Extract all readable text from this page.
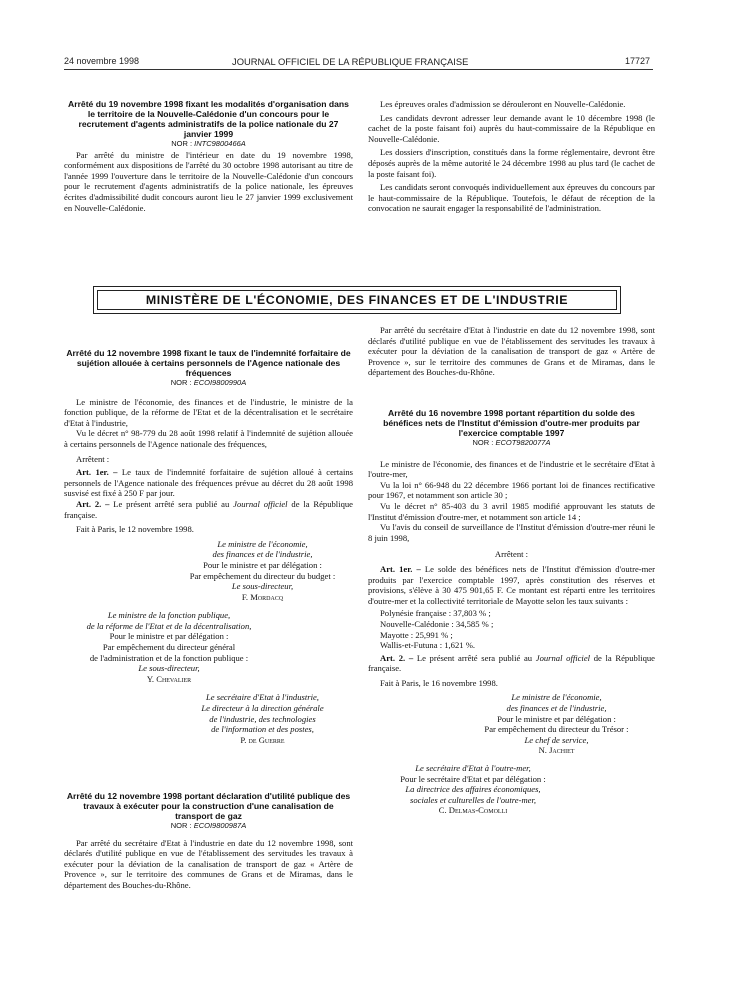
24 novembre 1998	JOURNAL OFFICIEL DE LA RÉPUBLIQUE FRANÇAISE	17727

Arrêté du 19 novembre 1998 fixant les modalités d'organisation dans le territoire de la Nouvelle-Calédonie d'un concours pour le recrutement d'agents administratifs de la police nationale du 27 janvier 1999

NOR : INTC9800466A

Par arrêté du ministre de l'intérieur en date du 19 novembre 1998, conformément aux dispositions de l'arrêté du 30 octobre 1998 autorisant au titre de l'année 1999 l'ouverture dans le territoire de la Nouvelle-Calédonie d'un concours pour le recrutement d'agents administratifs de la police nationale, les épreuves écrites d'admissibilité dudit concours auront lieu le 27 janvier 1999 exclusivement en Nouvelle-Calédonie.

Les épreuves orales d'admission se dérouleront en Nouvelle-Calédonie.

Les candidats devront adresser leur demande avant le 10 décembre 1998 (le cachet de la poste faisant foi) auprès du haut-commissaire de la République en Nouvelle-Calédonie.

Les dossiers d'inscription, constitués dans la forme réglementaire, devront être déposés auprès de la même autorité le 24 décembre 1998 au plus tard (le cachet de la poste faisant foi).

Les candidats seront convoqués individuellement aux épreuves du concours par le haut-commissaire de la République. Toutefois, le défaut de réception de la convocation ne saurait engager la responsabilité de l'administration.

MINISTÈRE DE L'ÉCONOMIE, DES FINANCES ET DE L'INDUSTRIE

Arrêté du 12 novembre 1998 fixant le taux de l'indemnité forfaitaire de sujétion allouée à certains personnels de l'Agence nationale des fréquences

NOR : ECOI9800990A

Le ministre de l'économie, des finances et de l'industrie, le ministre de la fonction publique, de la réforme de l'Etat et de la décentralisation et le secrétaire d'Etat à l'industrie,

Vu le décret n° 98-779 du 28 août 1998 relatif à l'indemnité de sujétion allouée à certains personnels de l'Agence nationale des fréquences,

Arrêtent :

Art. 1er. – Le taux de l'indemnité forfaitaire de sujétion alloué à certains personnels de l'Agence nationale des fréquences prévue au décret du 28 août 1998 susvisé est fixé à 250 F par jour.

Art. 2. – Le présent arrêté sera publié au Journal officiel de la République française.

Fait à Paris, le 12 novembre 1998.

Le ministre de l'économie,

des finances et de l'industrie,

Pour le ministre et par délégation :

Par empêchement du directeur du budget :

Le sous-directeur,

F. Mordacq

Le ministre de la fonction publique,

de la réforme de l'Etat et de la décentralisation,

Pour le ministre et par délégation :

Par empêchement du directeur général

de l'administration et de la fonction publique :

Le sous-directeur,

Y. Chevalier

Le secrétaire d'Etat à l'industrie,

Le directeur à la direction générale

de l'industrie, des technologies

de l'information et des postes,

P. de Guerre

Arrêté du 12 novembre 1998 portant déclaration d'utilité publique des travaux à exécuter pour la construction d'une canalisation de transport de gaz

NOR : ECOI9800987A

Par arrêté du secrétaire d'Etat à l'industrie en date du 12 novembre 1998, sont déclarés d'utilité publique en vue de l'établissement des servitudes les travaux à exécuter pour la déviation de la canalisation de transport de gaz « Artère de Provence », sur le territoire des communes de Grans et de Miramas, dans le département des Bouches-du-Rhône.

Par arrêté du secrétaire d'Etat à l'industrie en date du 12 novembre 1998, sont déclarés d'utilité publique en vue de l'établissement des servitudes les travaux à exécuter pour la déviation de la canalisation de transport de gaz « Artère de Provence », sur le territoire des communes de Grans et de Miramas, dans le département des Bouches-du-Rhône.

Arrêté du 16 novembre 1998 portant répartition du solde des bénéfices nets de l'Institut d'émission d'outre-mer produits par l'exercice comptable 1997

NOR : ECOT9820077A

Le ministre de l'économie, des finances et de l'industrie et le secrétaire d'Etat à l'outre-mer,

Vu la loi n° 66-948 du 22 décembre 1966 portant loi de finances rectificative pour 1967, et notamment son article 30 ;

Vu le décret n° 85-403 du 3 avril 1985 modifié approuvant les statuts de l'Institut d'émission d'outre-mer, et notamment son article 14 ;

Vu l'avis du conseil de surveillance de l'Institut d'émission d'outre-mer réuni le 8 juin 1998,

Arrêtent :

Art. 1er. – Le solde des bénéfices nets de l'Institut d'émission d'outre-mer produits par l'exercice comptable 1997, après constitution des réserves et provisions, s'élève à 30 475 901,65 F. Ce montant est réparti entre les territoires d'outre-mer et la collectivité territoriale de Mayotte selon les taux suivants :

Polynésie française : 37,803 % ;

Nouvelle-Calédonie : 34,585 % ;

Mayotte : 25,991 % ;

Wallis-et-Futuna : 1,621 %.

Art. 2. – Le présent arrêté sera publié au Journal officiel de la République française.

Fait à Paris, le 16 novembre 1998.

Le ministre de l'économie,

des finances et de l'industrie,

Pour le ministre et par délégation :

Par empêchement du directeur du Trésor :

Le chef de service,

N. Jachiet

Le secrétaire d'Etat à l'outre-mer,

Pour le secrétaire d'Etat et par délégation :

La directrice des affaires économiques,

sociales et culturelles de l'outre-mer,

C. Delmas-Comolli
